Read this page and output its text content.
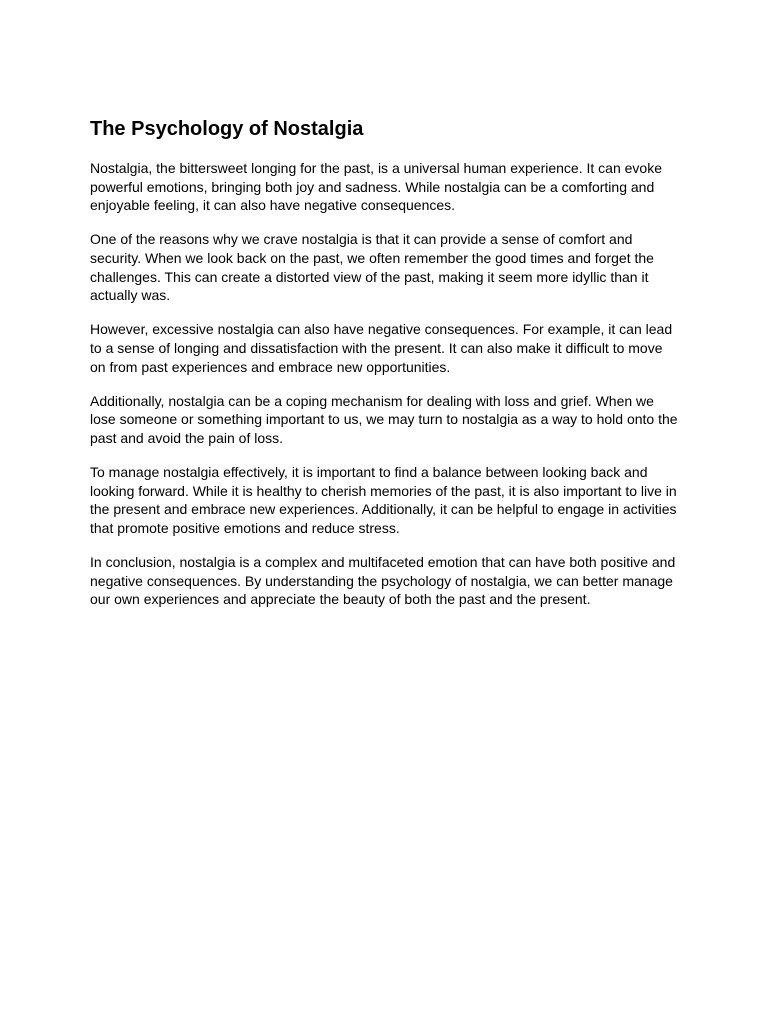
The Psychology of Nostalgia

Nostalgia, the bittersweet longing for the past, is a universal human experience. It can evoke powerful emotions, bringing both joy and sadness. While nostalgia can be a comforting and enjoyable feeling, it can also have negative consequences.

One of the reasons why we crave nostalgia is that it can provide a sense of comfort and security. When we look back on the past, we often remember the good times and forget the challenges. This can create a distorted view of the past, making it seem more idyllic than it actually was.

However, excessive nostalgia can also have negative consequences. For example, it can lead to a sense of longing and dissatisfaction with the present. It can also make it difficult to move on from past experiences and embrace new opportunities.

Additionally, nostalgia can be a coping mechanism for dealing with loss and grief. When we lose someone or something important to us, we may turn to nostalgia as a way to hold onto the past and avoid the pain of loss.

To manage nostalgia effectively, it is important to find a balance between looking back and looking forward. While it is healthy to cherish memories of the past, it is also important to live in the present and embrace new experiences. Additionally, it can be helpful to engage in activities that promote positive emotions and reduce stress.

In conclusion, nostalgia is a complex and multifaceted emotion that can have both positive and negative consequences. By understanding the psychology of nostalgia, we can better manage our own experiences and appreciate the beauty of both the past and the present.
